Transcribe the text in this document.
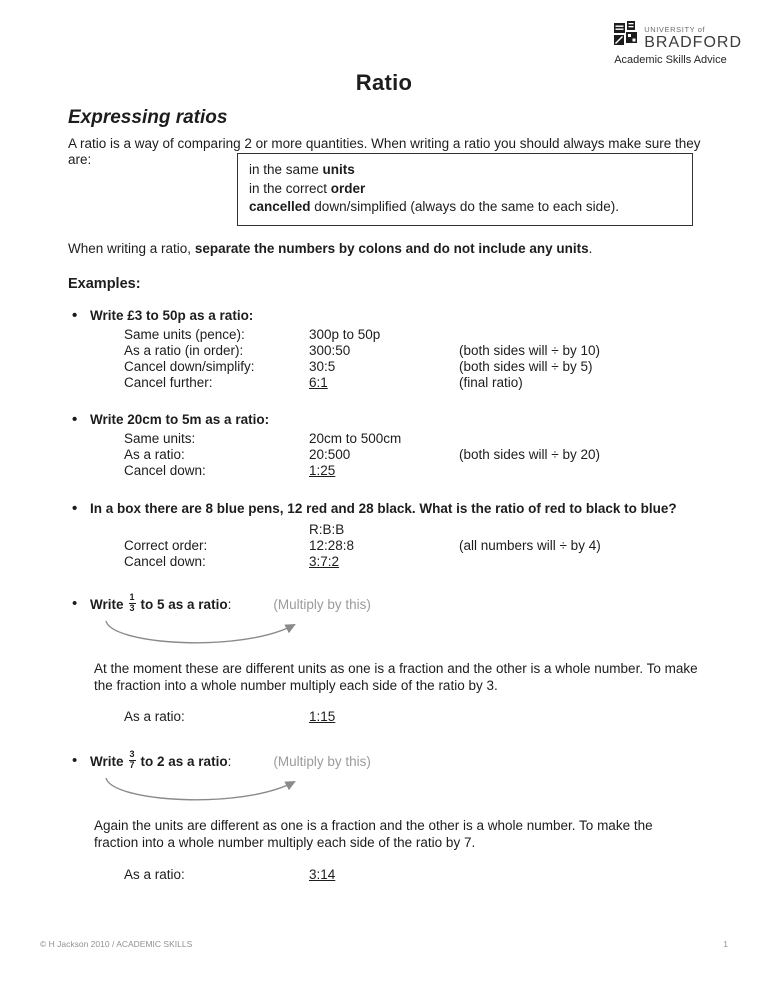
UNIVERSITY of
BRADFORD
Academic Skills Advice
Ratio
Expressing ratios
A ratio is a way of comparing 2 or more quantities. When writing a ratio you should always make sure they are:
in the same units
in the correct order
cancelled down/simplified (always do the same to each side).
When writing a ratio, separate the numbers by colons and do not include any units.
Examples:
• Write £3 to 50p as a ratio:
Same units (pence):	300p to 50p
As a ratio (in order):	300:50	(both sides will ÷ by 10)
Cancel down/simplify:	30:5	(both sides will ÷ by 5)
Cancel further:	6:1	(final ratio)
• Write 20cm to 5m as a ratio:
Same units:	20cm to 500cm
As a ratio:	20:500	(both sides will ÷ by 20)
Cancel down:	1:25
• In a box there are 8 blue pens, 12 red and 28 black. What is the ratio of red to black to blue?
R:B:B
Correct order:	12:28:8	(all numbers will ÷ by 4)
Cancel down:	3:7:2
• Write $\frac{1}{3}$ to 5 as a ratio :	(Multiply by this)
At the moment these are different units as one is a fraction and the other is a whole number. To make the fraction into a whole number multiply each side of the ratio by 3.
As a ratio:	1:15
• Write $\frac{3}{7}$ to 2 as a ratio :	(Multiply by this)
Again the units are different as one is a fraction and the other is a whole number. To make the fraction into a whole number multiply each side of the ratio by 7.
As a ratio:	3:14
© H Jackson 2010 / ACADEMIC SKILLS	1
